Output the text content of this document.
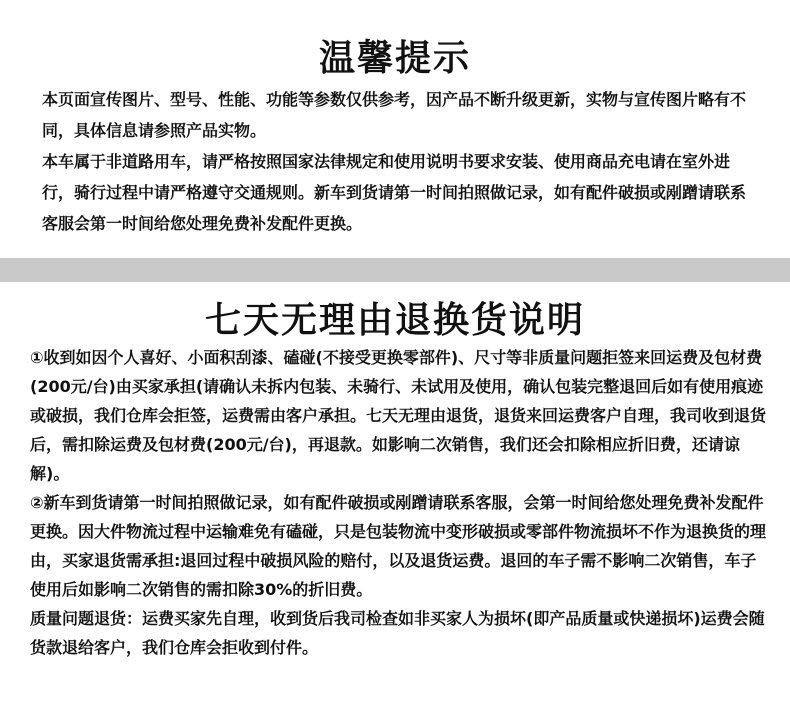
温馨提示

本页面宣传图片、型号、性能、功能等参数仅供参考，因产品不断升级更新，实物与宣传图片略有不同，具体信息请参照产品实物。

本车属于非道路用车，请严格按照国家法律规定和使用说明书要求安装、使用商品充电请在室外进行，骑行过程中请严格遵守交通规则。新车到货请第一时间拍照做记录，如有配件破损或剐蹭请联系客服会第一时间给您处理免费补发配件更换。

七天无理由退换货说明

①收到如因个人喜好、小面积刮漆、磕碰(不接受更换零部件)、尺寸等非质量问题拒签来回运费及包材费(200元/台)由买家承担(请确认未拆内包装、未骑行、未试用及使用，确认包装完整退回后如有使用痕迹或破损，我们仓库会拒签，运费需由客户承担。七天无理由退货，退货来回运费客户自理，我司收到退货后，需扣除运费及包材费(200元/台)，再退款。如影响二次销售，我们还会扣除相应折旧费，还请谅解)。

②新车到货请第一时间拍照做记录，如有配件破损或剐蹭请联系客服，会第一时间给您处理免费补发配件更换。因大件物流过程中运输难免有磕碰，只是包装物流中变形破损或零部件物流损坏不作为退换货的理由，买家退货需承担:退回过程中破损风险的赔付，以及退货运费。退回的车子需不影响二次销售，车子使用后如影响二次销售的需扣除30%的折旧费。

质量问题退货：运费买家先自理，收到货后我司检查如非买家人为损坏(即产品质量或快递损坏)运费会随货款退给客户，我们仓库会拒收到付件。
